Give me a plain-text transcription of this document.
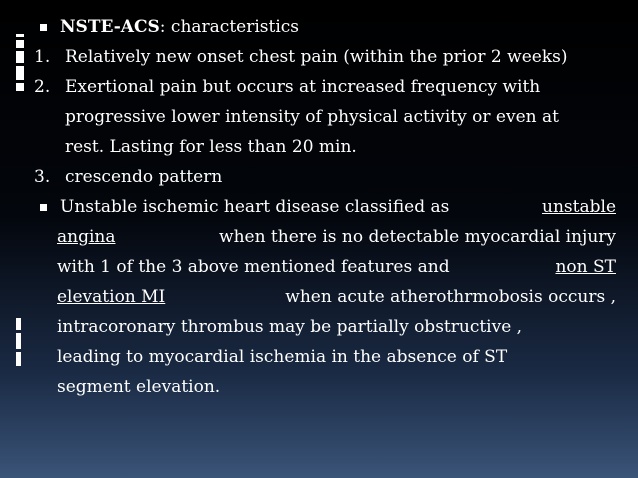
NSTE-ACS: characteristics
1. Relatively new onset chest pain (within the prior 2 weeks)
2. Exertional pain but occurs at increased frequency with
progressive lower intensity of physical activity or even at
rest. Lasting for less than 20 min.
3. crescendo pattern
Unstable ischemic heart disease classified as	unstable
angina	when there is no detectable myocardial injury
with 1 of the 3 above mentioned features and	non ST
elevation MI	when acute atherothrmobosis occurs ,
intracoronary thrombus may be partially obstructive ,
leading to myocardial ischemia in the absence of ST
segment elevation.
